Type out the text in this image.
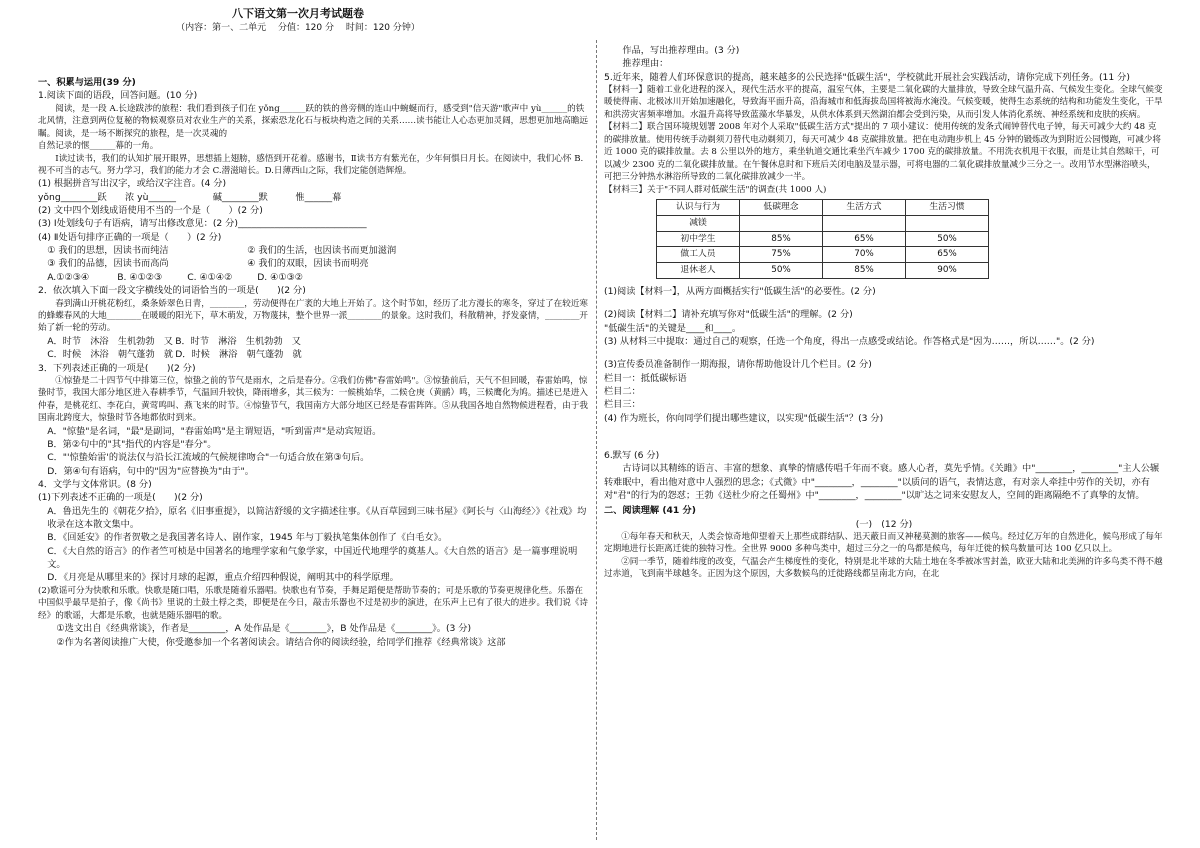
八下语文第一次月考试题卷
（内容：第一、二单元 　分值：120 分 　时间：120 分钟）

一、积累与运用(39 分)

1.阅读下面的语段，回答问题。(10 分)

阅读，是一段 A.长途跋涉的旅程：我们看到孩子们在 yǒng______跃的铁的兽旁侧的连山中蜿蜒而行，感受到"信天游"歌声中 yù______的铁北风情，注意到两位复秘的物候观察员对农业生产的关系，探索恐龙化石与板块构造之间的关系……读书能让人心态更加灵阔，思想更加地高瞻远瞩。阅读，是一场不断探究的旅程，是一次灵魂的

自然记录的惬______幕的一角。

Ⅰ读过读书，我们的认知扩展开眼界，思想插上翅膀，感悟到开花着。感谢书，Ⅱ读书方有紫光在，少年何惧日月长。在阅读中，我们心怀 B.视不可当的志气。努力学习，我们的能力才会 C.潜滋暗长。D.日薄西山之际，我们定能创造辉煌。

(1) 根据拼音写出汉字，或给汉字注音。(4 分)

yǒng________跃　　浓 yù______　　　　碱________默　　　惟______幕

(2) 文中四个划线成语使用不当的一个是（　　）(2 分)

(3) Ⅰ处划线句子有语病，请写出修改意见：(2 分)____________________________

(4) Ⅱ处语句排序正确的一项是（　　）(2 分)

① 我们的思想，因读书而纯洁	② 我们的生活，也因读书而更加滋润

③ 我们的品德，因读书而高尚	④ 我们的双眼，因读书而明亮

A.①②③④	B. ④①②③	C. ④①④②	D. ④①③②

2．依次填入下面一段文字横线处的词语恰当的一项是(　　)(2 分)

春到满山开桃花粉红，桑条娇翠色日青，________，劳动便得在广袤的大地上开始了。这个时节如，经历了北方漫长的寒冬，穿过了在较近寒的蜂蝶春风的大地________在暖暖的阳光下，草木萌发，万物蔑抹，整个世界一派________的景象。这时我们，科散精神，抒发豪情，________开始了新一轮的劳动。

A．时节　沐浴　生机勃勃　又 B．时节　淋浴　生机勃勃　又

C．时候　沐浴　朝气蓬勃　就 D．时候　淋浴　朝气蓬勃　就

3．下列表述正确的一项是(　　)(2 分)

①惊蛰是二十四节气中排第三位，惊蛰之前的节气是雨水，之后是春分。②我们仿佛"春雷始鸣"。③惊蛰前后，天气不但回暖，春雷始鸣，惊蛰时节，我国大部分地区进入春耕季节，气温回升较快，降雨增多，其三候为：一候桃始华，二候仓庚（黄鹂）鸣，三候鹰化为鸠。描述已是进入仲春，是桃花红、李花白，黄莺鸣叫、燕飞来的时节。④惊蛰节气，我国南方大部分地区已经是春雷阵阵。⑤从我国各地自然物候进程看，由于我国南北跨度大，惊蛰时节各地都依时到来。

A．"惊蛰"是名词，"最"是副词，"春雷始鸣"是主谓短语，"听到雷声"是动宾短语。

B．第②句中的"其"指代的内容是"春分"。

C．"'惊蛰始雷'的说法仅与沿长江流域的气候规律吻合"一句适合放在第③句后。

D．第④句有语病，句中的"因为"应替换为"由于"。

4．文学与文体常识。(8 分)

(1)下列表述不正确的一项是(　　)(2 分)

A．鲁迅先生的《朝花夕拾》，原名《旧事重提》，以简洁舒缓的文字描述往事。《从百草园到三味书屋》《阿长与〈山海经〉》《社戏》均收录在这本散文集中。

B．《回延安》的作者贺敬之是我国著名诗人、剧作家，1945 年与丁毅执笔集体创作了《白毛女》。

C．《大自然的语言》的作者竺可桢是中国著名的地理学家和气象学家，中国近代地理学的奠基人。《大自然的语言》是一篇事理说明文。

D．《月亮是从哪里来的》探讨月球的起源，重点介绍四种假说，阐明其中的科学原理。

(2)歌谣可分为快歌和乐歌。快歌是随口唱，乐歌是随着乐器唱。快歌也有节奏，手舞足蹈便是帮助节奏的；可是乐歌的节奏更规律化些。乐器在中国似乎最早是拍子，像《尚书》里说的土鼓土桴之类，即便是在今日，敲击乐器也不过是初步的演进，在乐声上已有了很大的进步。我们说《诗经》的歌谣，大都是乐歌，也就是随乐器唱的歌。

①选文出自《经典常谈》，作者是________，A 处作品是《________》，B 处作品是《________》。(3 分)

②作为名著阅读推广大使，你受邀参加一个名著阅读会。请结合你的阅读经验，给同学们推荐《经典常谈》这部

作品，写出推荐理由。(3 分)

推荐理由：

5.近年来，随着人们环保意识的提高，越来越多的公民选择"低碳生活"，学校就此开展社会实践活动，请你完成下列任务。(11 分)

【材料一】随着工业化进程的深入，现代生活水平的提高，温室气体，主要是二氧化碳的大量排放，导致全球气温升高、气候发生变化。全球气候变暖使得南、北极冰川开始加速融化，导致海平面升高，沿海城市和低海拔岛国将被海水淹没。气候变暖，使得生态系统的结构和功能发生变化，干旱和洪涝灾害频率增加。水温升高将导致蓝藻水华暴发，从供水体系到天然湖泊都会受到污染，从而引发人体消化系统、神经系统和皮肤的疾病。

【材料二】联合国环境规划署 2008 年对个人采取"低碳生活方式"提出的 7 项小建议：使用传统的发条式闹钟替代电子钟，每天可减少大约 48 克的碳排放量。使用传统手动剃须刀替代电动剃须刀，每天可减少 48 克碳排放量。把在电动跑步机上 45 分钟的锻炼改为到附近公园慢跑，可减少将近 1000 克的碳排放量。去 8 公里以外的地方，乘坐轨道交通比乘坐汽车减少 1700 克的碳排放量。不用洗衣机甩干衣服，而是让其自然晾干，可以减少 2300 克的二氧化碳排放量。在午餐休息时和下班后关闭电脑及显示器，可将电器的二氧化碳排放量减少三分之一。改用节水型淋浴喷头，可把三分钟热水淋浴所导致的二氧化碳排放减少一半。

【材料三】关于"不同人群对低碳生活"的调查(共 1000 人)

认识与行为	低碳理念	生活方式	生活习惯
减镁			
初中学生	85%	65%	50%
做工人员	75%	70%	65%
退休老人	50%	85%	90%

(1)阅读【材料一】，从两方面概括实行"低碳生活"的必要性。(2 分)

(2)阅读【材料二】请补充填写你对"低碳生活"的理解。(2 分)

"低碳生活"的关键是____和____。

(3) 从材料三中提取：通过自己的观察，任选一个角度，得出一点感受或结论。作答格式是"因为……，所以……"。(2 分)

(3)宣传委员准备制作一期海报，请你帮助他设计几个栏目。(2 分)

栏目一：抵低碳标语

栏目二：

栏目三：

(4) 作为班长，你向同学们提出哪些建议，以实现"低碳生活"？(3 分)

6.默写 (6 分)

古诗词以其精练的语言、丰富的想象、真挚的情感传唱千年而不衰。感人心者，莫先乎情。《关雎》中"________，________"主人公辗转难眠中，看出他对意中人强烈的思念；《式微》中"________，________"以质问的语气，表情达意，有对亲人牵挂中劳作的关切，亦有对"君"的行为的怨怼；王勃《送杜少府之任蜀州》中"________，________"以旷达之词来安慰友人，空间的距离隔绝不了真挚的友情。

二、阅读理解 (41 分)

(一)　(12 分)

①每年春天和秋天，人类会惊奇地仰望着天上那些成群结队、迅天蔽日而又神秘莫测的旅客——候鸟。经过亿万年的自然进化，候鸟形成了每年定期地进行长距离迁徙的独特习性。全世界 9000 多种鸟类中，超过三分之一的鸟都是候鸟，每年迁徙的候鸟数量可达 100 亿只以上。

②同一季节，随着纬度的改变，气温会产生梯度性的变化，特别是北半球的大陆土地在冬季被冰雪封盖，欧亚大陆和北美洲的许多鸟类不得不越过赤道，飞到南半球越冬。正因为这个原因，大多数候鸟的迁徙路线都呈南北方向，在北
